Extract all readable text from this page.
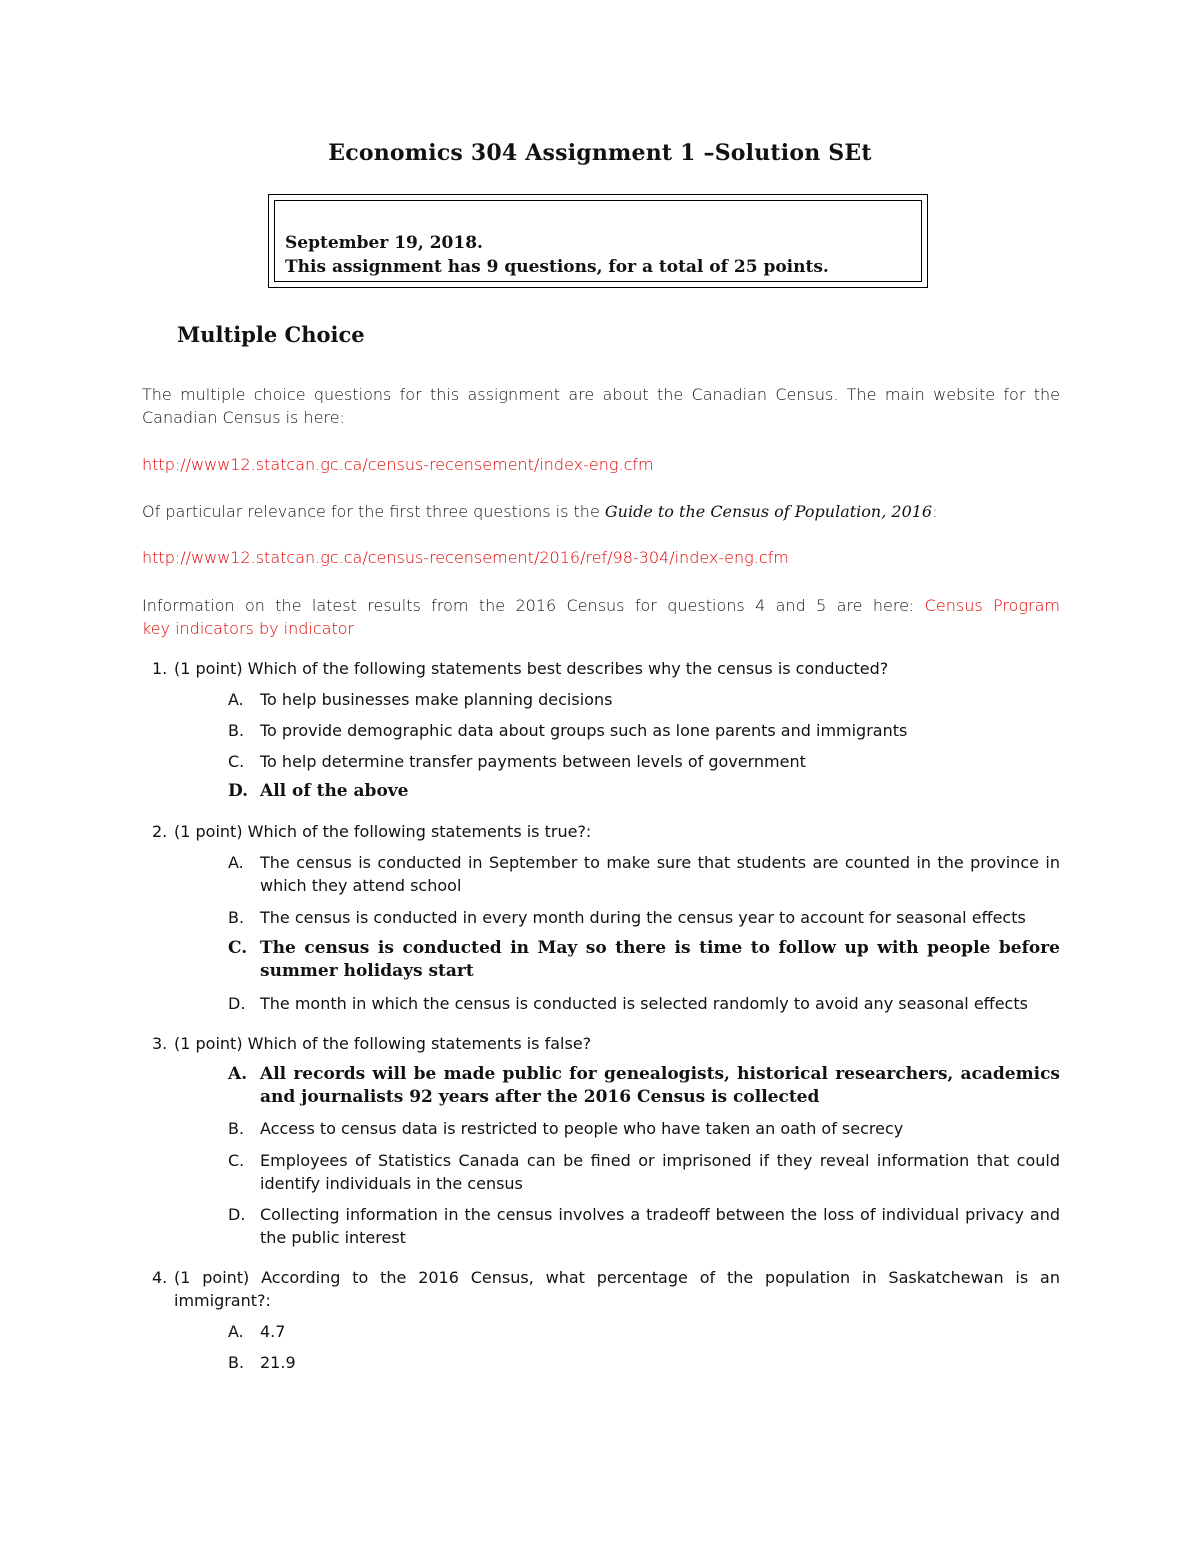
Economics 304 Assignment 1 –Solution SEt
September 19, 2018.
This assignment has 9 questions, for a total of 25 points.
Multiple Choice
The multiple choice questions for this assignment are about the Canadian Census. The main website for the
Canadian Census is here:
http://www12.statcan.gc.ca/census-recensement/index-eng.cfm
Of particular relevance for the first three questions is the Guide to the Census of Population, 2016:
http://www12.statcan.gc.ca/census-recensement/2016/ref/98-304/index-eng.cfm
Information on the latest results from the 2016 Census for questions 4 and 5 are here: Census Program
key indicators by indicator
1. (1 point) Which of the following statements best describes why the census is conducted?
A. To help businesses make planning decisions
B. To provide demographic data about groups such as lone parents and immigrants
C. To help determine transfer payments between levels of government
D. All of the above
2. (1 point) Which of the following statements is true?:
A. The census is conducted in September to make sure that students are counted in the province in which they attend school
B. The census is conducted in every month during the census year to account for seasonal effects
C. The census is conducted in May so there is time to follow up with people before summer holidays start
D. The month in which the census is conducted is selected randomly to avoid any seasonal effects
3. (1 point) Which of the following statements is false?
A. All records will be made public for genealogists, historical researchers, academics and journalists 92 years after the 2016 Census is collected
B. Access to census data is restricted to people who have taken an oath of secrecy
C. Employees of Statistics Canada can be fined or imprisoned if they reveal information that could identify individuals in the census
D. Collecting information in the census involves a tradeoff between the loss of individual privacy and the public interest
4. (1 point) According to the 2016 Census, what percentage of the population in Saskatchewan is an immigrant?:
A. 4.7
B. 21.9
